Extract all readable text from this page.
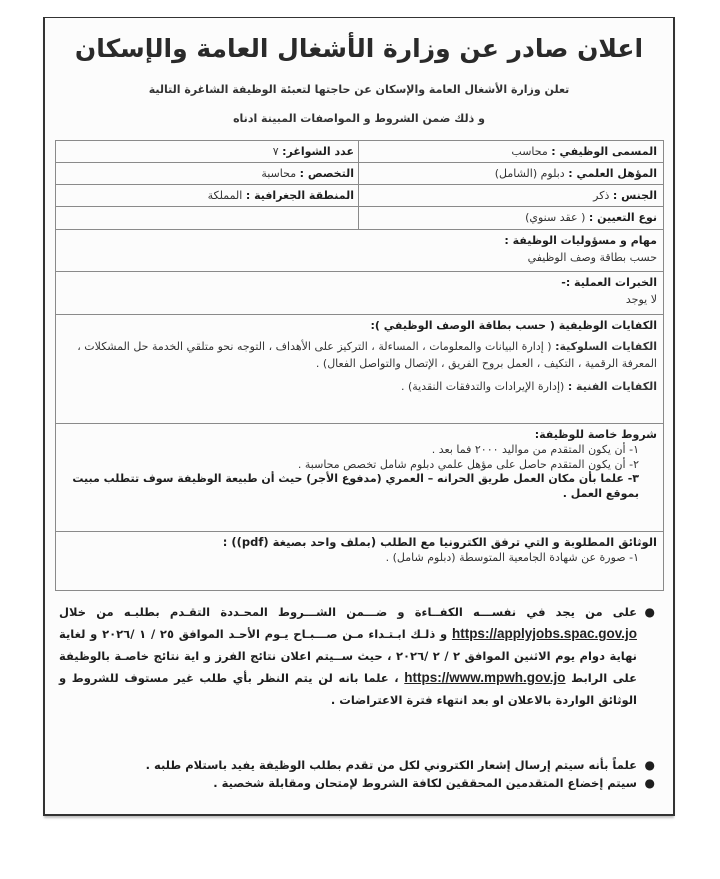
اعلان صادر عن وزارة الأشغال العامة والإسكان
تعلن وزارة الأشغال العامة والإسكان عن حاجتها لتعبئة الوظيفة الشاغرة التالية
و ذلك ضمن الشروط و المواصفات المبينة ادناه
المسمى الوظيفي : محاسب
عدد الشواغر: ٧
المؤهل العلمي : دبلوم (الشامل)
التخصص : محاسبة
الجنس : ذكر
المنطقة الجغرافية : المملكة
نوع التعيين : ( عقد سنوي)
مهام و مسؤوليات الوظيفة :
حسب بطاقة وصف الوظيفي
الخبرات العملية :-
لا يوجد
الكفايات الوظيفية ( حسب بطاقة الوصف الوظيفي ):
الكفايات السلوكية: ( إدارة البيانات والمعلومات ، المساءلة ، التركيز على الأهداف ، التوجه نحو متلقي الخدمة حل المشكلات ، المعرفة الرقمية ، التكيف ، العمل بروح الفريق ، الإتصال والتواصل الفعال) .
الكفايات الفنية : (إدارة الإيرادات والتدفقات النقدية) .
شروط خاصة للوظيفة:
١- أن يكون المتقدم من مواليد ٢٠٠٠ فما بعد .
٢- أن يكون المتقدم حاصل على مؤهل علمي دبلوم شامل تخصص محاسبة .
٣- علما بأن مكان العمل طريق الحرانه – العمري (مدفوع الأجر) حيث أن طبيعة الوظيفة سوف تتطلب مبيت بموقع العمل .
الوثائق المطلوبة و التي ترفق الكترونيا مع الطلب (بملف واحد بصيغة (pdf)) :
١- صورة عن شهادة الجامعية المتوسطة (دبلوم شامل) .
●
على من يجد في نفســـه الكفــاءة و ضـــمن الشـــروط المحـددة التقـدم بطلبـه من خلال https://applyjobs.spac.gov.jo و ذلـك ابـتـداء مـن صـــبـاح يـوم الأحـد الموافق ٢٥ / ١ /٢٠٢٦ و لغاية نهاية دوام يوم الاثنين الموافق ٢ / ٢ /٢٠٢٦ ، حيث ســيتم اعلان نتائج الفرز و اية نتائج خاصـة بالوظيفة على الرابط https://www.mpwh.gov.jo ، علما بانه لن يتم النظر بأي طلب غير مستوف للشروط و الوثائق الواردة بالاعلان او بعد انتهاء فترة الاعتراضات .
●
علماً بأنه سيتم إرسال إشعار الكتروني لكل من تقدم بطلب الوظيفة يفيد باستلام طلبه .
●
سيتم إخضاع المتقدمين المحققين لكافة الشروط لإمتحان ومقابلة شخصية .
